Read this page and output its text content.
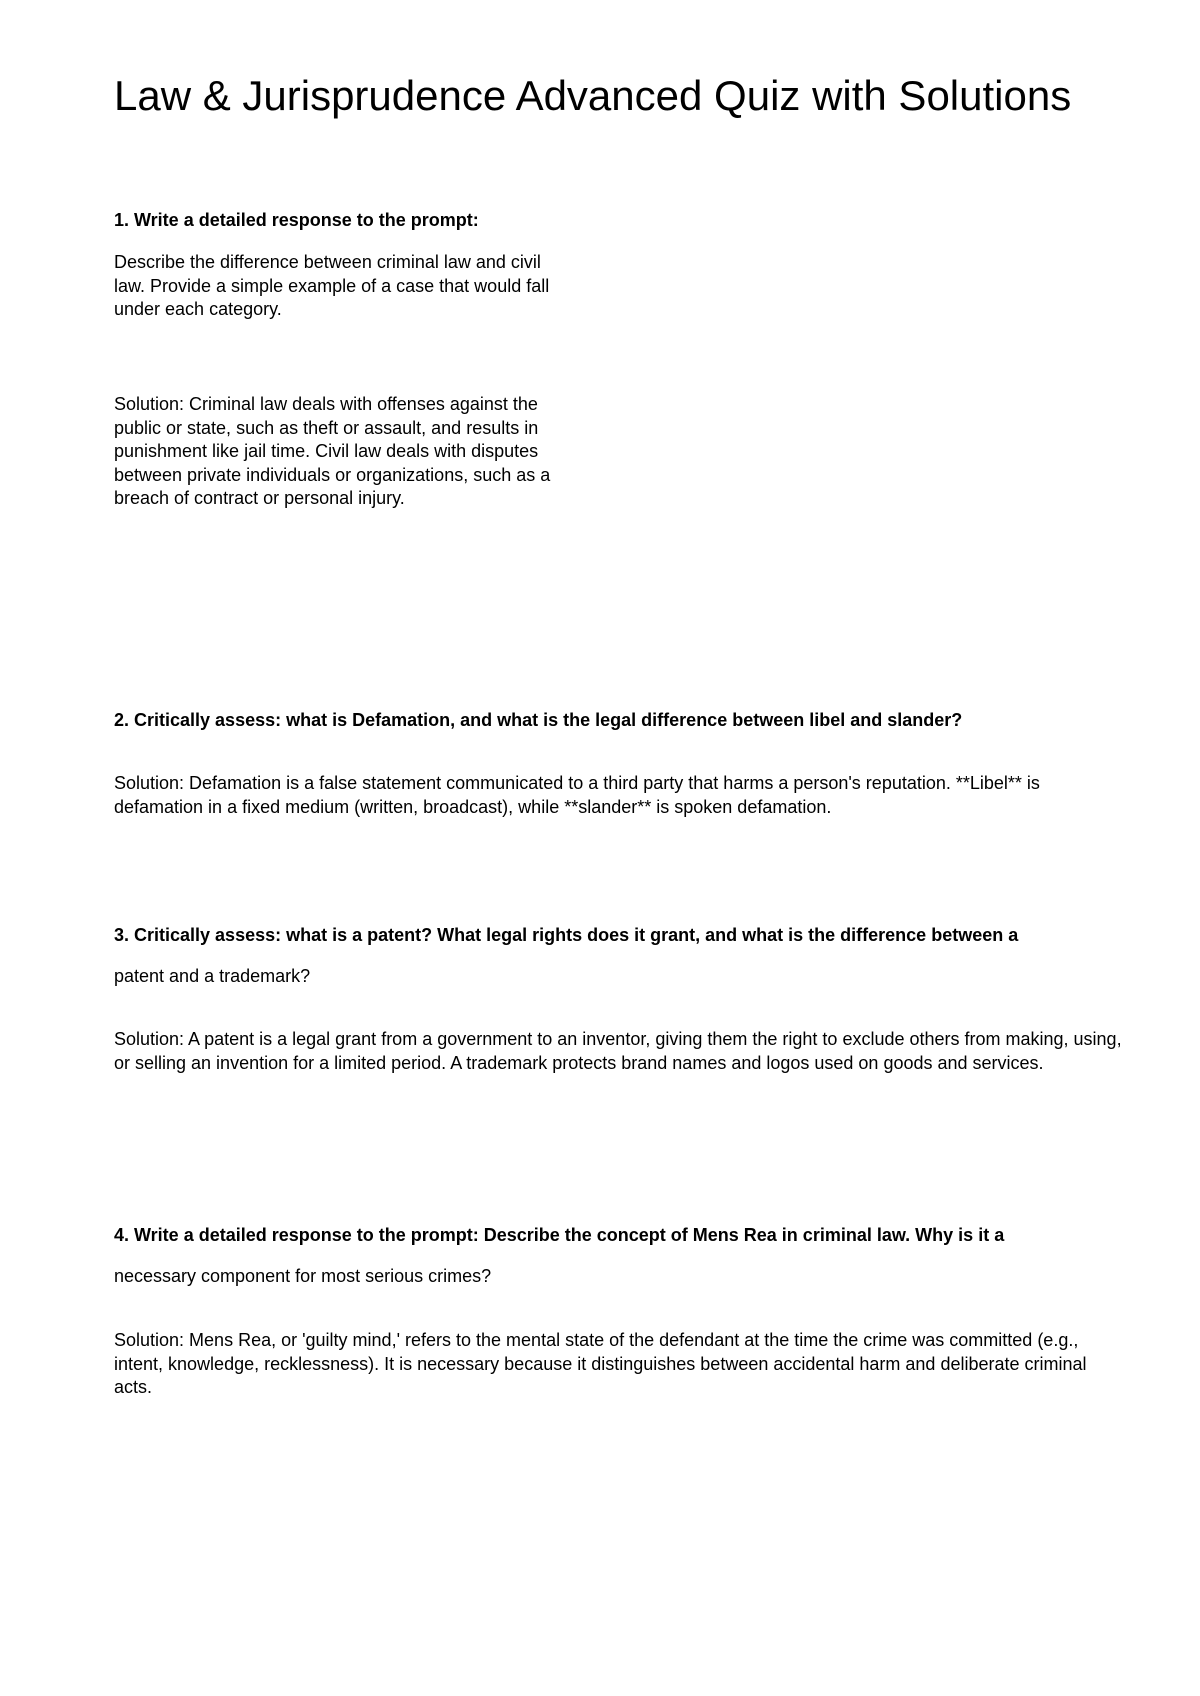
Law & Jurisprudence Advanced Quiz with Solutions

1. Write a detailed response to the prompt:

Describe the difference between criminal law and civil law. Provide a simple example of a case that would fall under each category.

Solution: Criminal law deals with offenses against the public or state, such as theft or assault, and results in punishment like jail time. Civil law deals with disputes between private individuals or organizations, such as a breach of contract or personal injury.

2. Critically assess: what is Defamation, and what is the legal difference between libel and slander?

Solution: Defamation is a false statement communicated to a third party that harms a person's reputation. **Libel** is defamation in a fixed medium (written, broadcast), while **slander** is spoken defamation.

3. Critically assess: what is a patent? What legal rights does it grant, and what is the difference between a

patent and a trademark?

Solution: A patent is a legal grant from a government to an inventor, giving them the right to exclude others from making, using, or selling an invention for a limited period. A trademark protects brand names and logos used on goods and services.

4. Write a detailed response to the prompt: Describe the concept of Mens Rea in criminal law. Why is it a

necessary component for most serious crimes?

Solution: Mens Rea, or 'guilty mind,' refers to the mental state of the defendant at the time the crime was committed (e.g., intent, knowledge, recklessness). It is necessary because it distinguishes between accidental harm and deliberate criminal acts.
